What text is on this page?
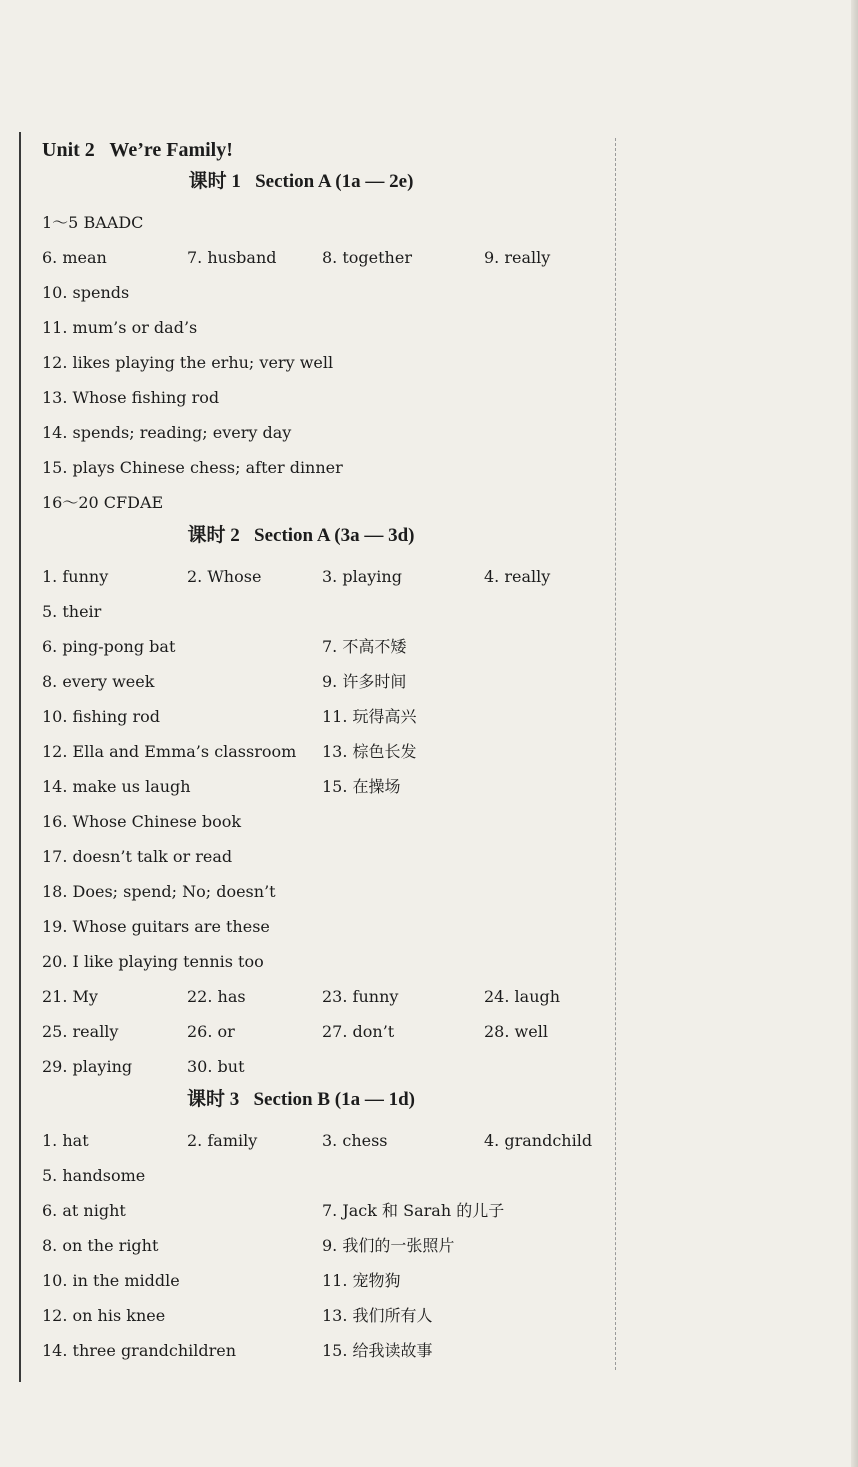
Unit 2   We’re Family!
课时 1   Section A (1a — 2e)
1～5 BAADC
6. mean	7. husband	8. together	9. really
10. spends
11. mum’s or dad’s
12. likes playing the erhu; very well
13. Whose fishing rod
14. spends; reading; every day
15. plays Chinese chess; after dinner
16～20 CFDAE
课时 2   Section A (3a — 3d)
1. funny	2. Whose	3. playing	4. really
5. their
6. ping-pong bat	7. 不高不矮
8. every week	9. 许多时间
10. fishing rod	11. 玩得高兴
12. Ella and Emma’s classroom 13. 棕色长发
14. make us laugh	15. 在操场
16. Whose Chinese book
17. doesn’t talk or read
18. Does; spend; No; doesn’t
19. Whose guitars are these
20. I like playing tennis too
21. My	22. has	23. funny	24. laugh
25. really	26. or	27. don’t	28. well
29. playing	30. but
课时 3   Section B (1a — 1d)
1. hat	2. family	3. chess	4. grandchild
5. handsome
6. at night	7. Jack 和 Sarah 的儿子
8. on the right	9. 我们的一张照片
10. in the middle	11. 宠物狗
12. on his knee	13. 我们所有人
14. three grandchildren	15. 给我读故事
